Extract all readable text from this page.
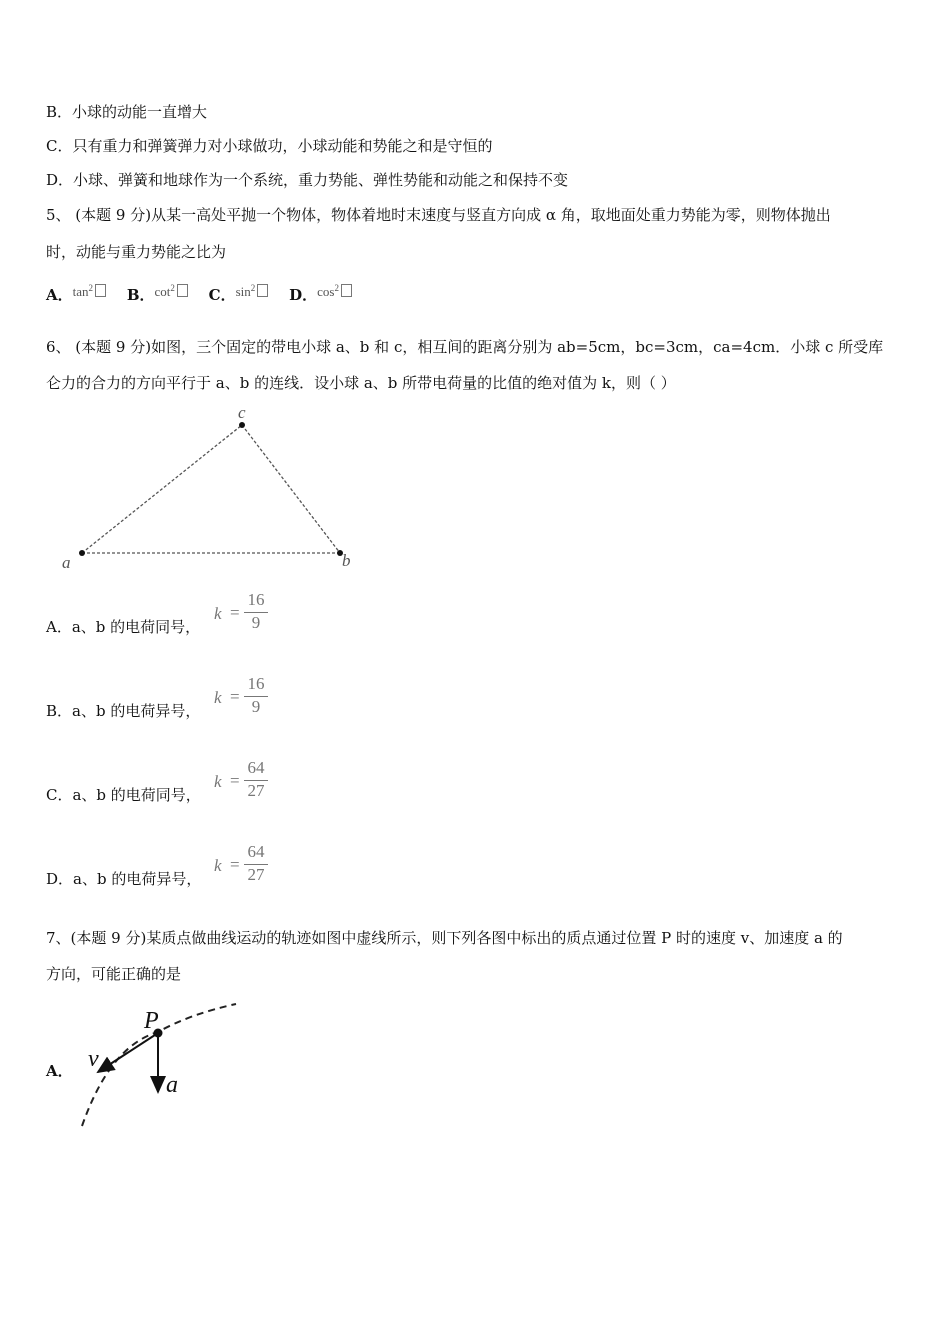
B．小球的动能一直增大
C．只有重力和弹簧弹力对小球做功，小球动能和势能之和是守恒的
D．小球、弹簧和地球作为一个系统，重力势能、弹性势能和动能之和保持不变
5、 (本题 9 分)从某一高处平抛一个物体，物体着地时末速度与竖直方向成 α 角，取地面处重力势能为零，则物体抛出
时，动能与重力势能之比为
A．$\tan^2 B$．$\cot^2 C$．$\sin^2 D$．$\cos^2$
6、 (本题 9 分)如图，三个固定的带电小球 a、b 和 c，相互间的距离分别为 ab=5cm，bc=3cm，ca=4cm．小球 c 所受库
仑力的合力的方向平行于 a、b 的连线．设小球 a、b 所带电荷量的比值的绝对值为 k，则（ ）
a	b
c
A．a、b 的电荷同号，
k =
16
9
B．a、b 的电荷异号，
k =
16
9
C．a、b 的电荷同号，
k =
64
27
D．a、b 的电荷异号，
k =
64
27
7、(本题 9 分)某质点做曲线运动的轨迹如图中虚线所示，则下列各图中标出的质点通过位置 P 时的速度 v、加速度 a 的
方向，可能正确的是
A．
P
v
a
